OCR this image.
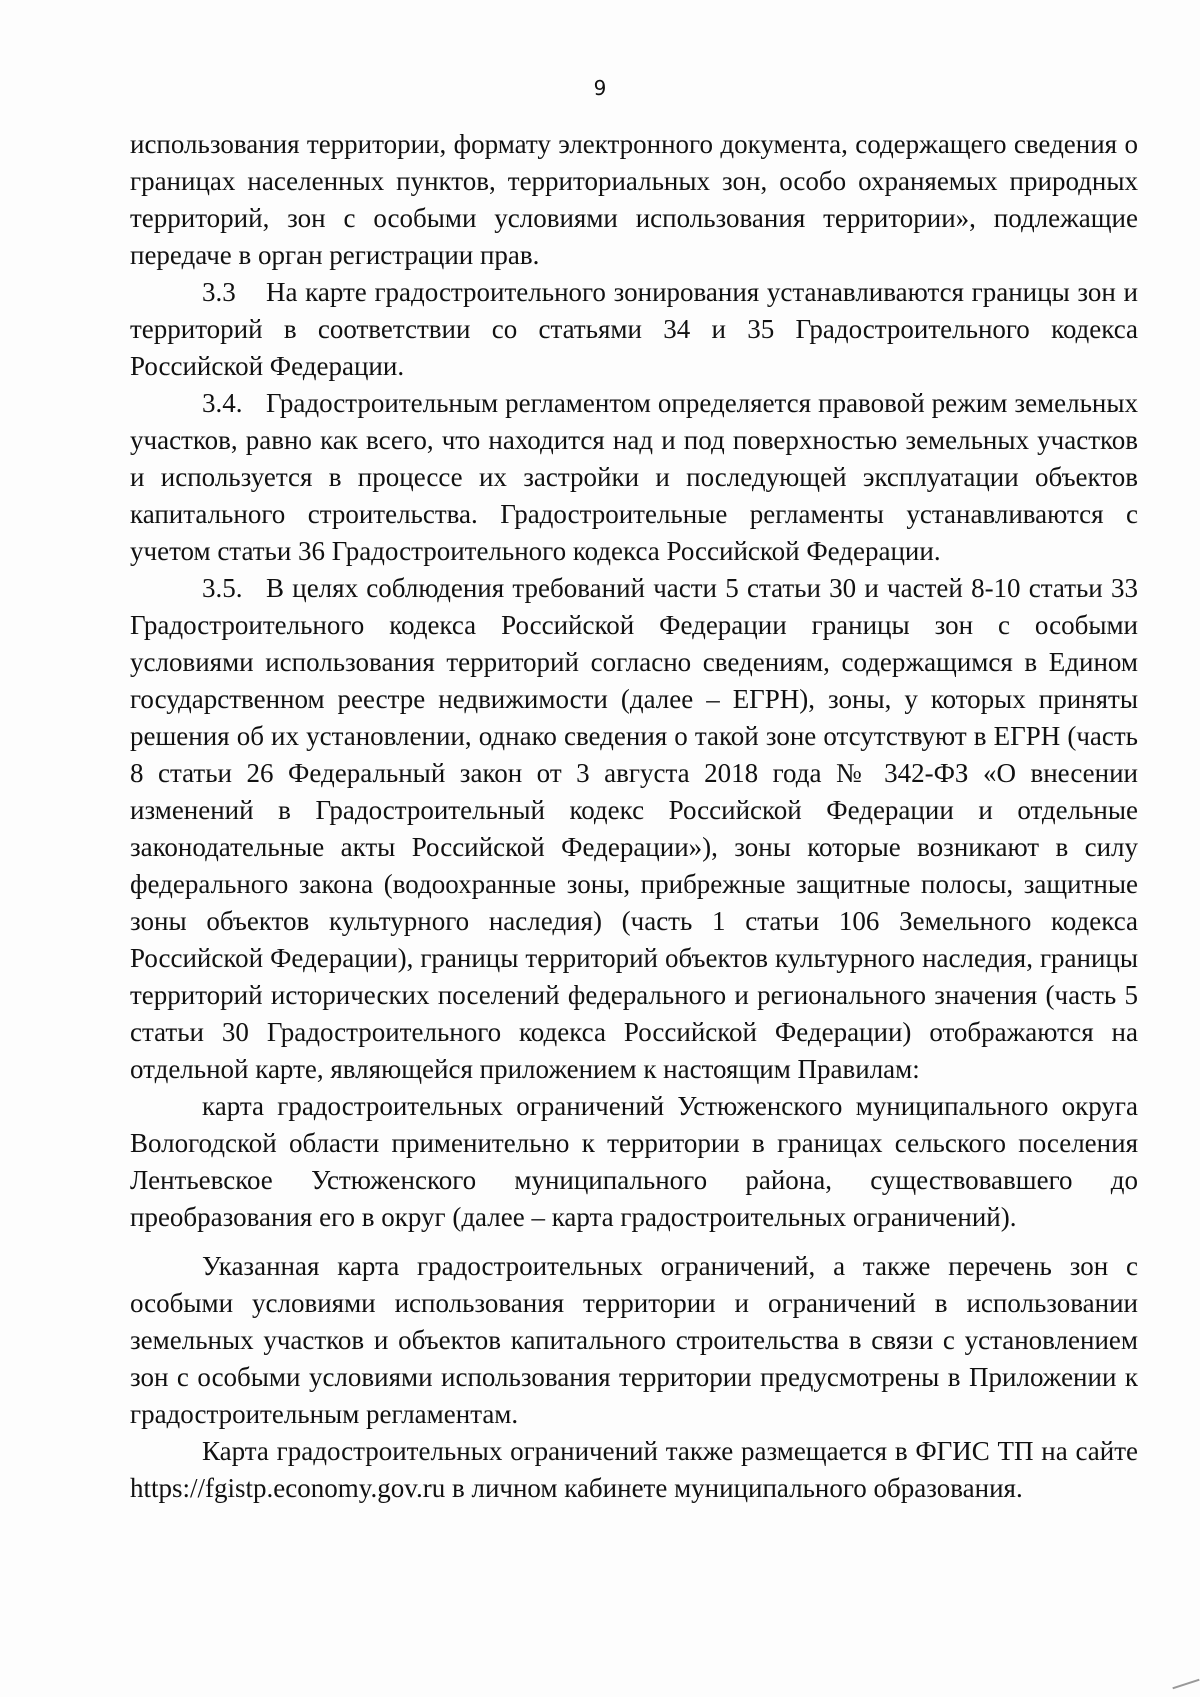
9

использования территории, формату электронного документа, содержащего сведения о границах населенных пунктов, территориальных зон, особо охраняемых природных территорий, зон с особыми условиями использования территории», подлежащие передаче в орган регистрации прав.

3.3 На карте градостроительного зонирования устанавливаются границы зон и территорий в соответствии со статьями 34 и 35 Градостроительного кодекса Российской Федерации.

3.4. Градостроительным регламентом определяется правовой режим земельных участков, равно как всего, что находится над и под поверхностью земельных участков и используется в процессе их застройки и последующей эксплуатации объектов капитального строительства. Градостроительные регламенты устанавливаются с учетом статьи 36 Градостроительного кодекса Российской Федерации.

3.5. В целях соблюдения требований части 5 статьи 30 и частей 8-10 статьи 33 Градостроительного кодекса Российской Федерации границы зон с особыми условиями использования территорий согласно сведениям, содержащимся в Едином государственном реестре недвижимости (далее – ЕГРН), зоны, у которых приняты решения об их установлении, однако сведения о такой зоне отсутствуют в ЕГРН (часть 8 статьи 26 Федеральный закон от 3 августа 2018 года № 342-ФЗ «О внесении изменений в Градостроительный кодекс Российской Федерации и отдельные законодательные акты Российской Федерации»), зоны которые возникают в силу федерального закона (водоохранные зоны, прибрежные защитные полосы, защитные зоны объектов культурного наследия) (часть 1 статьи 106 Земельного кодекса Российской Федерации), границы территорий объектов культурного наследия, границы территорий исторических поселений федерального и регионального значения (часть 5 статьи 30 Градостроительного кодекса Российской Федерации) отображаются на отдельной карте, являющейся приложением к настоящим Правилам:

карта градостроительных ограничений Устюженского муниципального округа Вологодской области применительно к территории в границах сельского поселения Лентьевское Устюженского муниципального района, существовавшего до преобразования его в округ (далее – карта градостроительных ограничений).

Указанная карта градостроительных ограничений, а также перечень зон с особыми условиями использования территории и ограничений в использовании земельных участков и объектов капитального строительства в связи с установлением зон с особыми условиями использования территории предусмотрены в Приложении к градостроительным регламентам.

Карта градостроительных ограничений также размещается в ФГИС ТП на сайте https://fgistp.economy.gov.ru в личном кабинете муниципального образования.
